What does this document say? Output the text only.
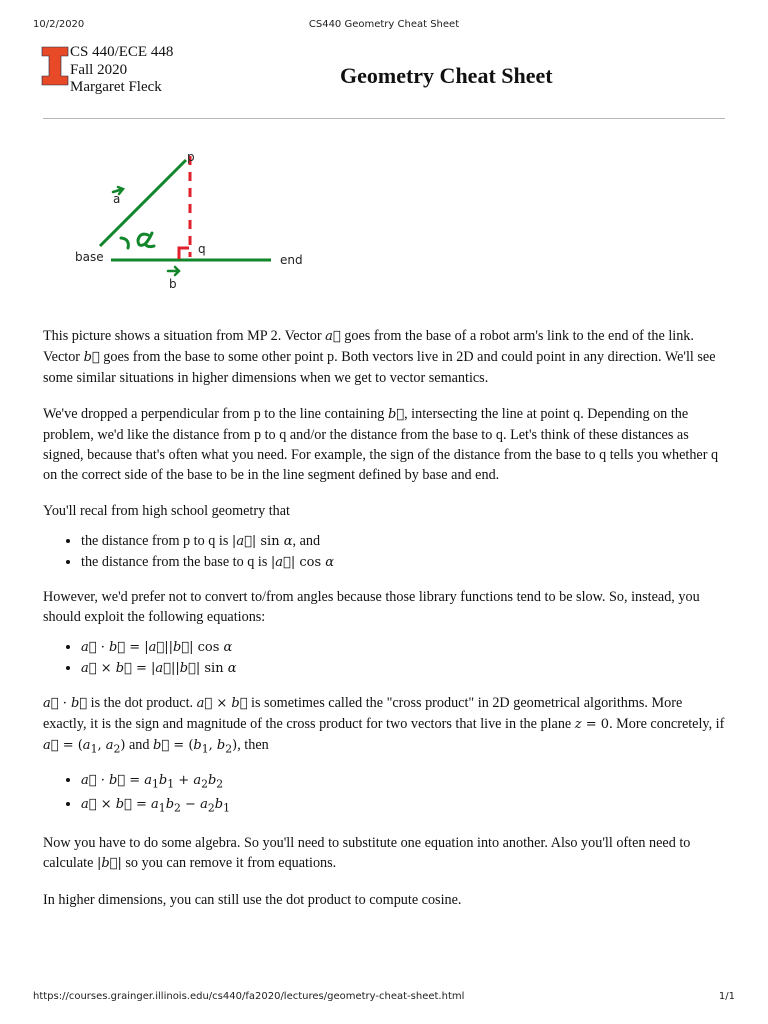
10/2/2020	CS440 Geometry Cheat Sheet
CS 440/ECE 448
Fall 2020
Margaret Fleck	Geometry Cheat Sheet
p
a
base
q
end
b

This picture shows a situation from MP 2. Vector a⃗ goes from the base of a robot arm's link to the end of the link. Vector b⃗ goes from the base to some other point p. Both vectors live in 2D and could point in any direction. We'll see some similar situations in higher dimensions when we get to vector semantics.

We've dropped a perpendicular from p to the line containing b⃗, intersecting the line at point q. Depending on the problem, we'd like the distance from p to q and/or the distance from the base to q. Let's think of these distances as signed, because that's often what you need. For example, the sign of the distance from the base to q tells you whether q on the correct side of the base to be in the line segment defined by base and end.

You'll recal from high school geometry that

• the distance from p to q is |a⃗| sin α, and
• the distance from the base to q is |a⃗| cos α

However, we'd prefer not to convert to/from angles because those library functions tend to be slow. So, instead, you should exploit the following equations:

• a⃗ · b⃗ = |a⃗||b⃗| cos α
• a⃗ × b⃗ = |a⃗||b⃗| sin α

a⃗ · b⃗ is the dot product. a⃗ × b⃗ is sometimes called the "cross product" in 2D geometrical algorithms. More exactly, it is the sign and magnitude of the cross product for two vectors that live in the plane z = 0. More concretely, if a⃗ = ($a_1$, $a_2$) and b⃗ = ($b_1$, $b_2$), then

• a⃗ · b⃗ = $a_1b_1 + a_2b_2$
• a⃗ × b⃗ = $a_1b_2 - a_2b_1$

Now you have to do some algebra. So you'll need to substitute one equation into another. Also you'll often need to calculate |b⃗| so you can remove it from equations.

In higher dimensions, you can still use the dot product to compute cosine.

https://courses.grainger.illinois.edu/cs440/fa2020/lectures/geometry-cheat-sheet.html	1/1
